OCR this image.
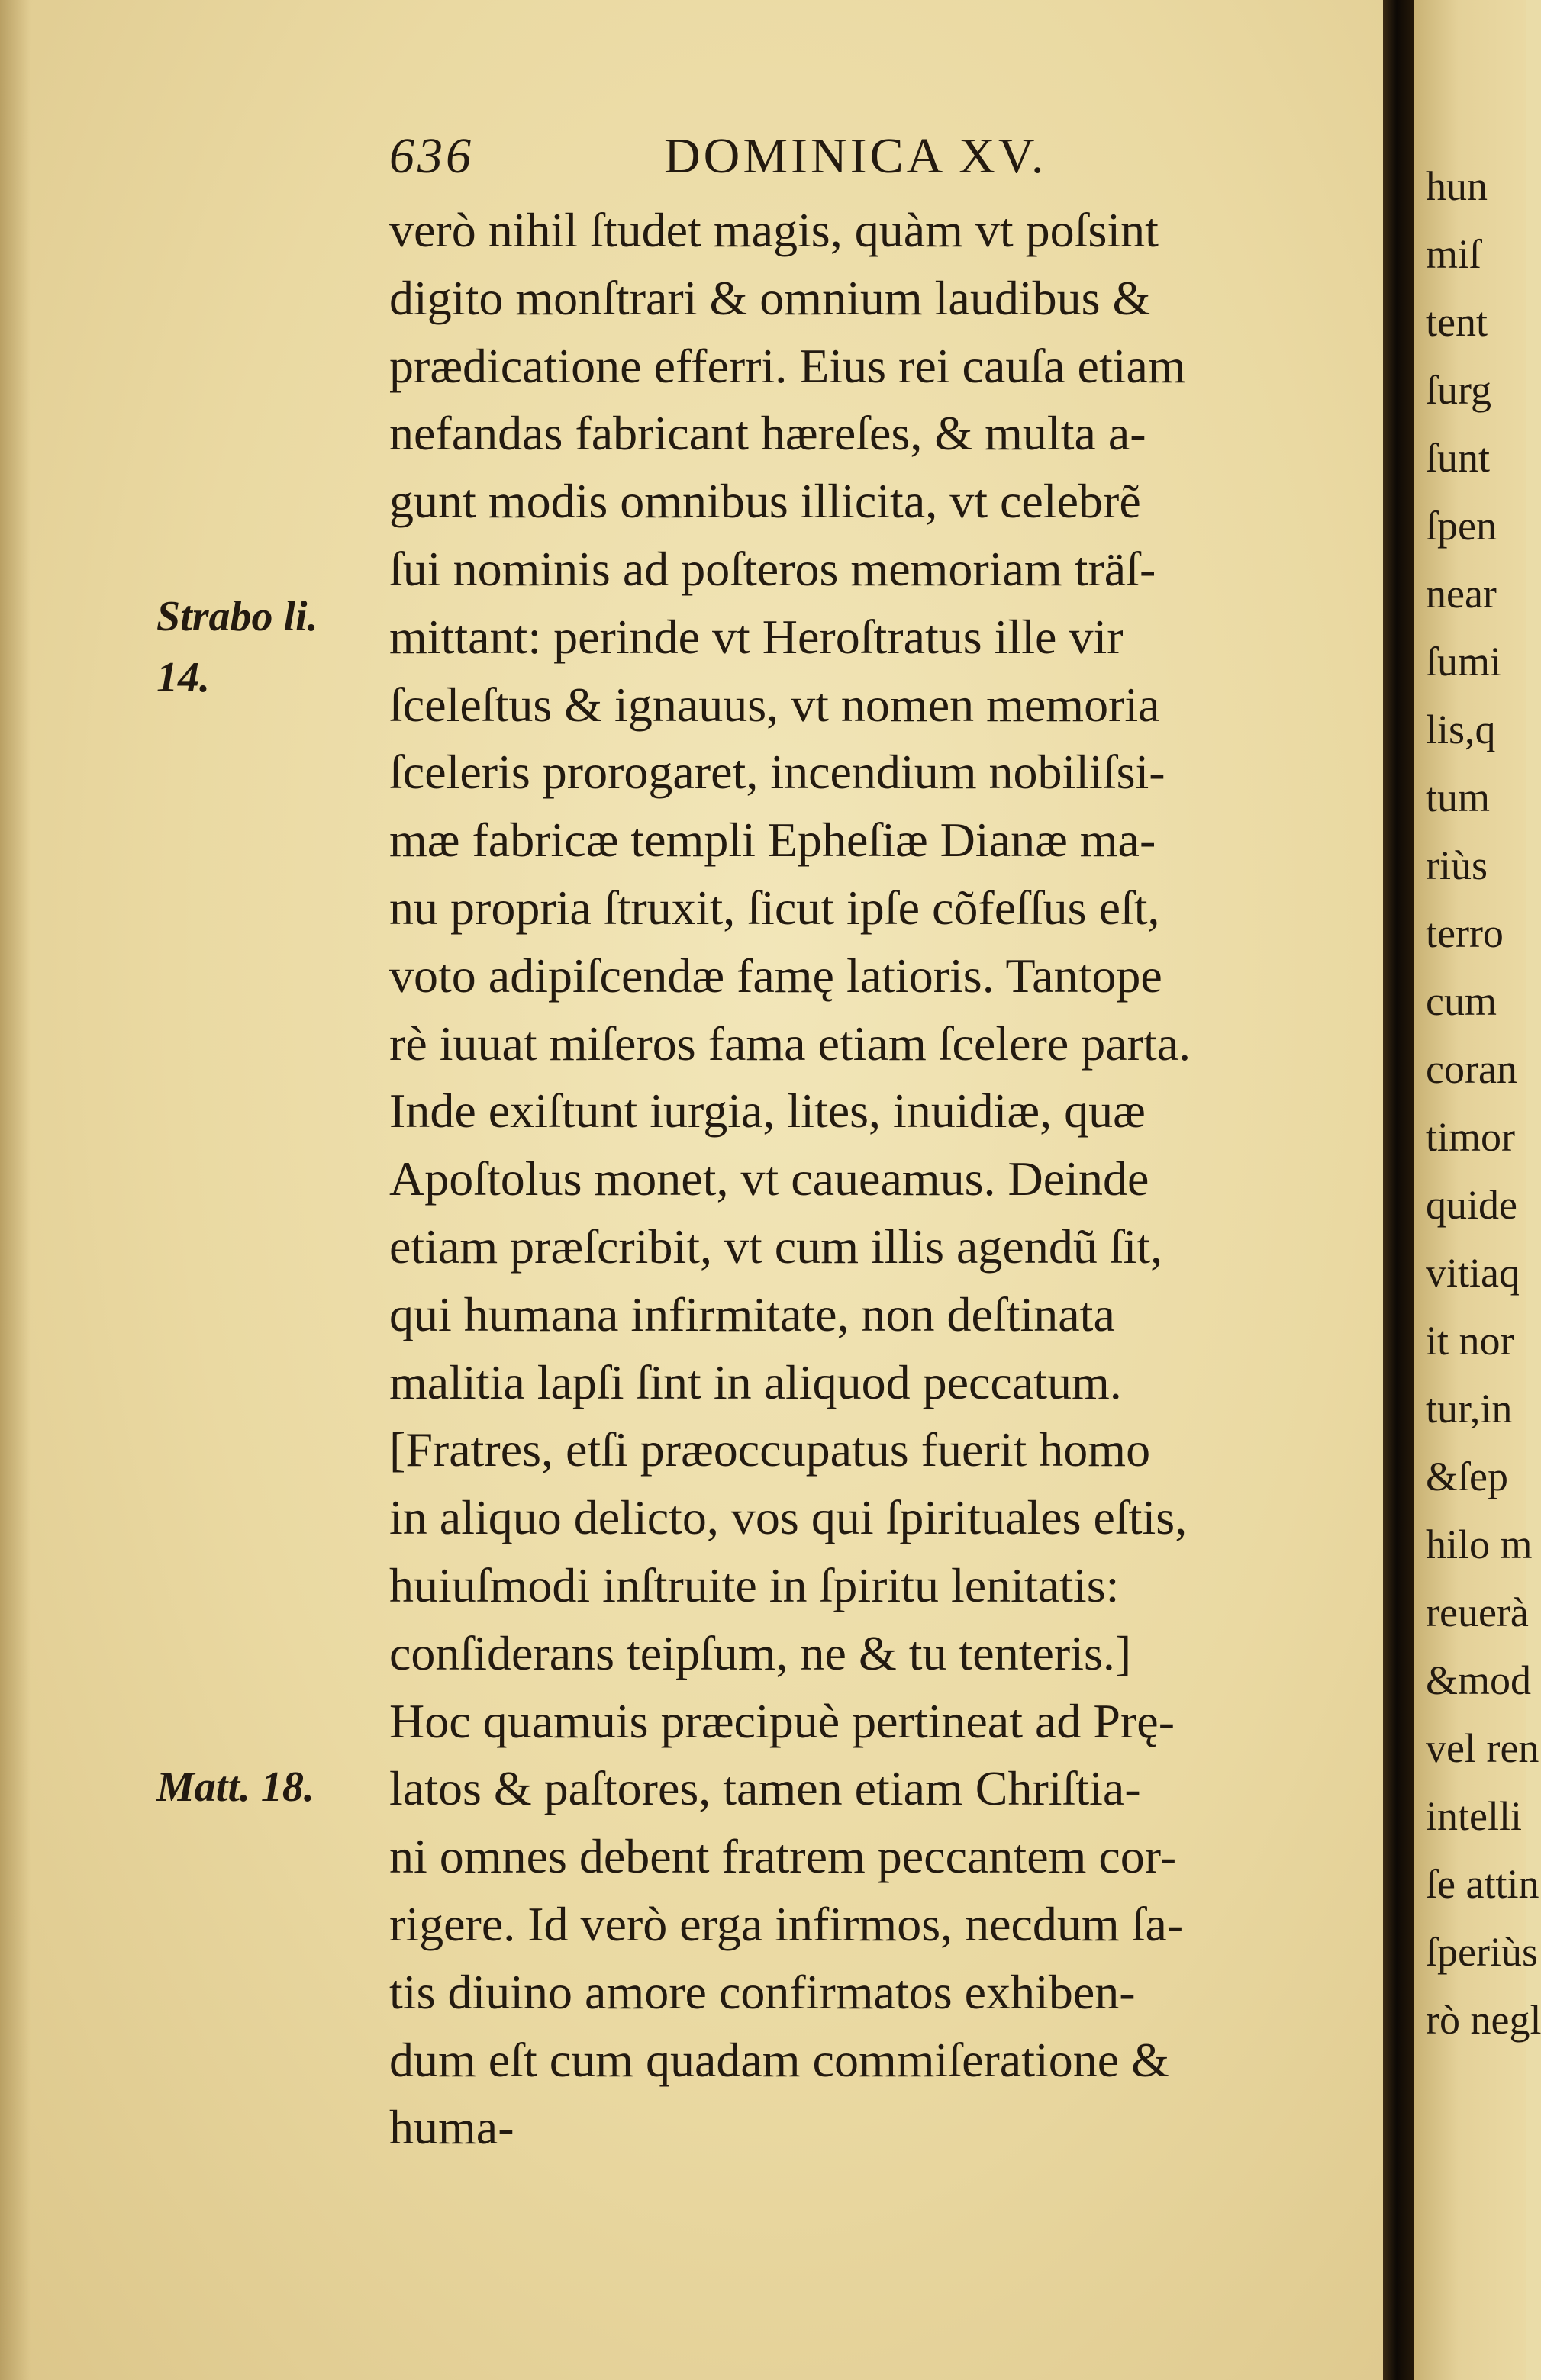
636	DOMINICA XV.
Strabo li.
14.
Matt. 18.
verò nihil ſtudet magis, quàm vt poſsint
digito monſtrari & omnium laudibus &
prædicatione efferri. Eius rei cauſa etiam
nefandas fabricant hæreſes, & multa a-
gunt modis omnibus illicita, vt celebrẽ
ſui nominis ad poſteros memoriam träſ-
mittant: perinde vt Heroſtratus ille vir
ſceleſtus & ignauus, vt nomen memoria
ſceleris prorogaret, incendium nobiliſsi-
mæ fabricæ templi Epheſiæ Dianæ ma-
nu propria ſtruxit, ſicut ipſe cõfeſſus eſt,
voto adipiſcendæ famę latioris. Tantope
rè iuuat miſeros fama etiam ſcelere parta.
Inde exiſtunt iurgia, lites, inuidiæ, quæ
Apoſtolus monet, vt caueamus. Deinde
etiam præſcribit, vt cum illis agendũ ſit,
qui humana infirmitate, non deſtinata
malitia lapſi ſint in aliquod peccatum.
[Fratres, etſi præoccupatus fuerit homo
in aliquo delicto, vos qui ſpirituales eſtis,
huiuſmodi inſtruite in ſpiritu lenitatis:
conſiderans teipſum, ne & tu tenteris.]
Hoc quamuis præcipuè pertineat ad Prę-
latos & paſtores, tamen etiam Chriſtia-
ni omnes debent fratrem peccantem cor-
rigere. Id verò erga infirmos, necdum ſa-
tis diuino amore confirmatos exhiben-
dum eſt cum quadam commiſeratione &
huma-
hun
miſ
tent
ſurg
ſunt
ſpen
near
ſumi
lis,q
tum
riùs
terro
cum
coran
timor
quide
vitiaq
it nor
tur,in
&ſep
hilo m
reuerà
&mod
vel ren
intelli
ſe attin
ſperiùs
rò negl
